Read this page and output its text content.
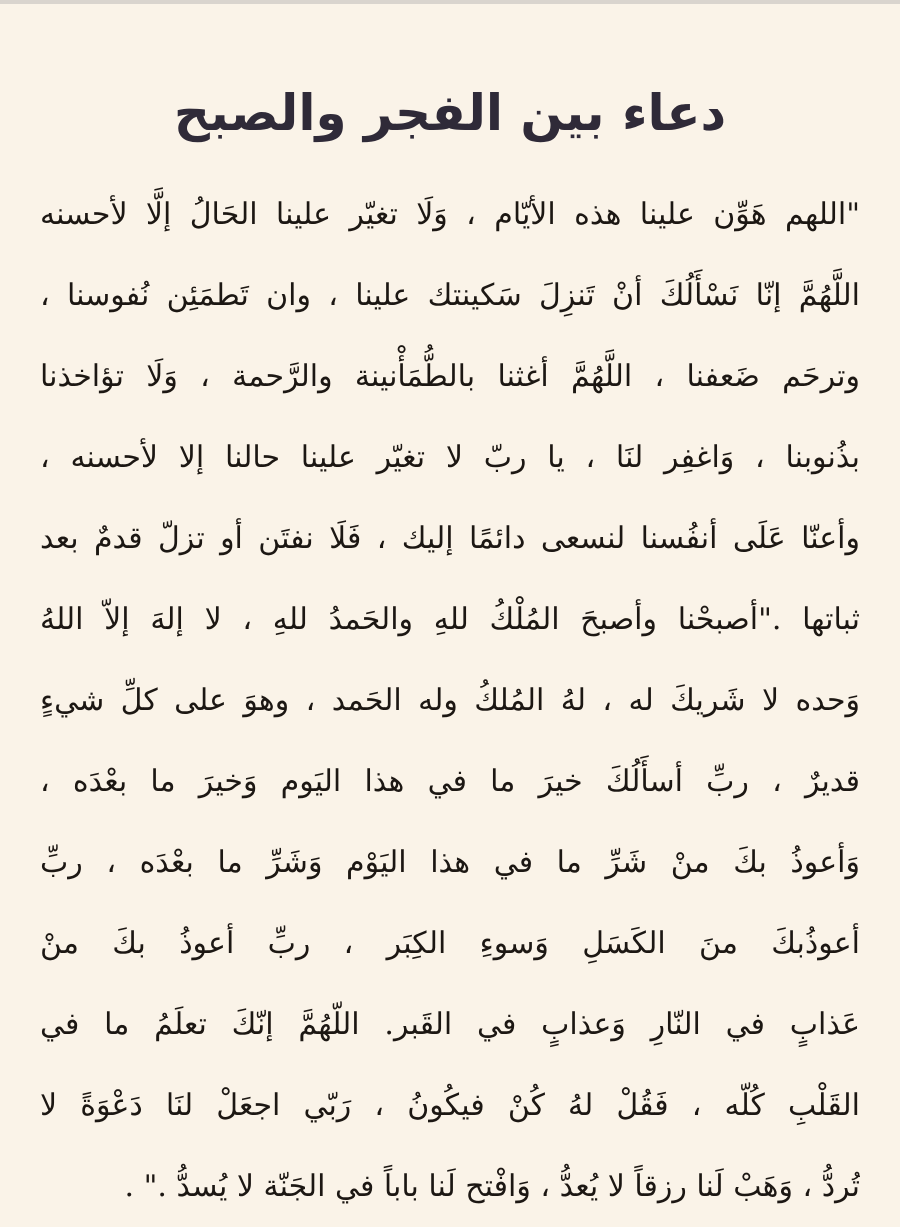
دعاء بين الفجر والصبح
"اللهم هَوِّن علينا هذه الأيّام ، وَلَا تغيّر علينا الحَالُ إلَّا لأحسنه
اللَّهُمَّ إنّا نَسْأَلُكَ أنْ تَنزِلَ سَكينتك علينا ، وان تَطمَئِن نُفوسنا ،
وترحَم ضَعفنا ، اللَّهُمَّ أغثنا بالطُّمَأْنينة والرَّحمة ، وَلَا تؤاخذنا
بذُنوبنا ، وَاغفِر لنَا ، يا ربّ لا تغيّر علينا حالنا إلا لأحسنه ،
وأعنّا عَلَى أنفُسنا لنسعى دائمًا إليك ، فَلَا نفتَن أو تزلّ قدمٌ بعد
ثباتها ."أصبحْنا وأصبحَ المُلْكُ للهِ والحَمدُ للهِ ، لا إلهَ إلاّ اللهُ
وَحده لا شَريكَ له ، لهُ المُلكُ وله الحَمد ، وهوَ على كلِّ شيءٍ
قديرٌ ، ربِّ أسأَلُكَ خيرَ ما في هذا اليَوم وَخيرَ ما بعْدَه ،
وَأعوذُ بكَ منْ شَرِّ ما في هذا اليَوْم وَشَرِّ ما بعْدَه ، ربِّ
أعوذُبكَ منَ الكَسَلِ وَسوءِ الكِبَر ، ربِّ أعوذُ بكَ منْ
عَذابٍ في النّارِ وَعذابٍ في القَبر. اللّهُمَّ إنّكَ تعلَمُ ما في
القَلْبِ كُلّه ، فَقُلْ لهُ كُنْ فيكُونُ ، رَبّي اجعَلْ لنَا دَعْوَةً لا
تُردُّ ، وَهَبْ لَنا رزقاً لا يُعدُّ ، وَافْتح لَنا باباً في الجَنّة لا يُسدُّ ." .
